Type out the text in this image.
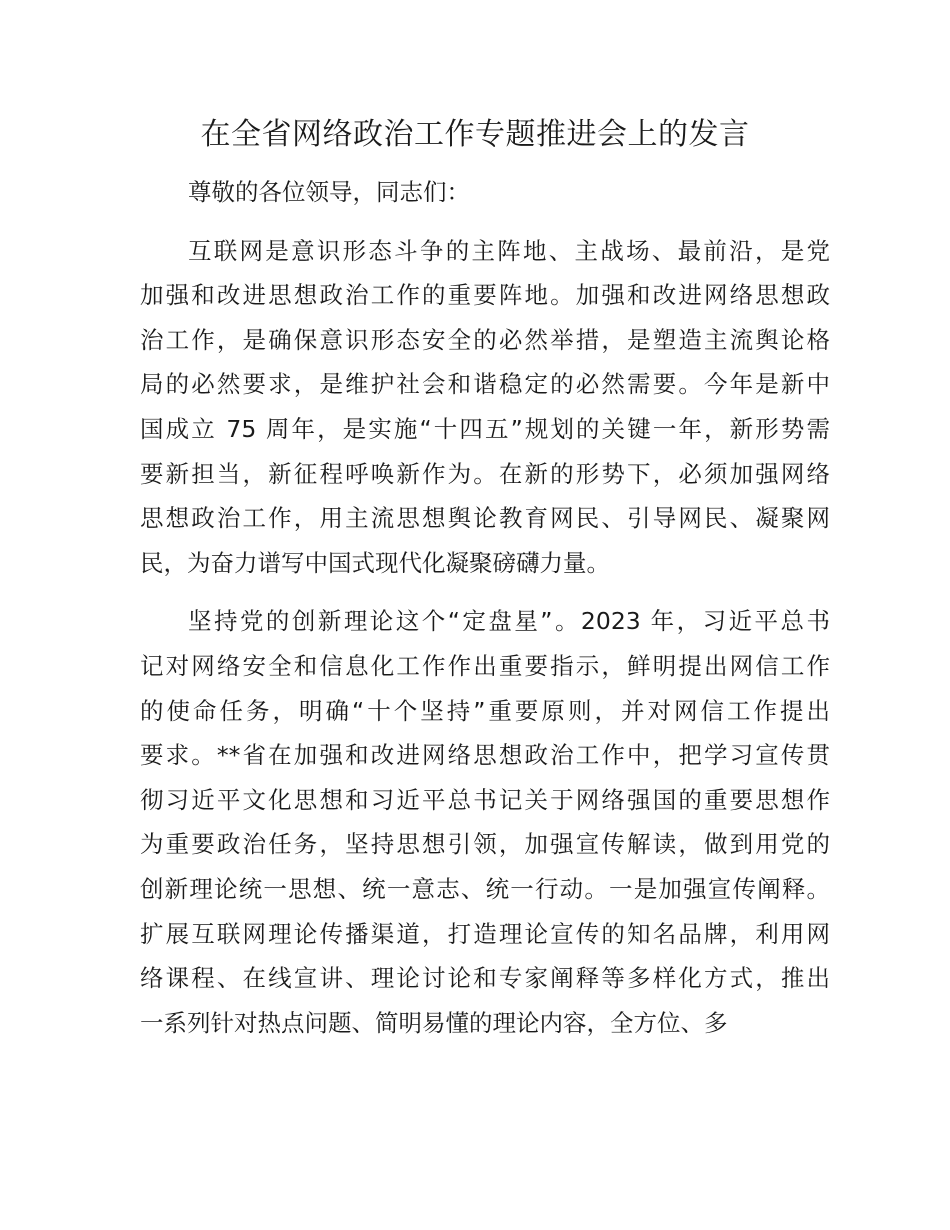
在全省网络政治工作专题推进会上的发言

尊敬的各位领导，同志们：

互联网是意识形态斗争的主阵地、主战场、最前沿，是党
加强和改进思想政治工作的重要阵地。加强和改进网络思想政
治工作，是确保意识形态安全的必然举措，是塑造主流舆论格
局的必然要求，是维护社会和谐稳定的必然需要。今年是新中
国成立 75 周年，是实施“十四五”规划的关键一年，新形势需
要新担当，新征程呼唤新作为。在新的形势下，必须加强网络
思想政治工作，用主流思想舆论教育网民、引导网民、凝聚网
民，为奋力谱写中国式现代化凝聚磅礴力量。
坚持党的创新理论这个“定盘星”。2023 年，习近平总书
记对网络安全和信息化工作作出重要指示，鲜明提出网信工作
的使命任务，明确“十个坚持”重要原则，并对网信工作提出
要求。**省在加强和改进网络思想政治工作中，把学习宣传贯
彻习近平文化思想和习近平总书记关于网络强国的重要思想作
为重要政治任务，坚持思想引领，加强宣传解读，做到用党的
创新理论统一思想、统一意志、统一行动。一是加强宣传阐释。
扩展互联网理论传播渠道，打造理论宣传的知名品牌，利用网
络课程、在线宣讲、理论讨论和专家阐释等多样化方式，推出
一系列针对热点问题、简明易懂的理论内容，全方位、多
